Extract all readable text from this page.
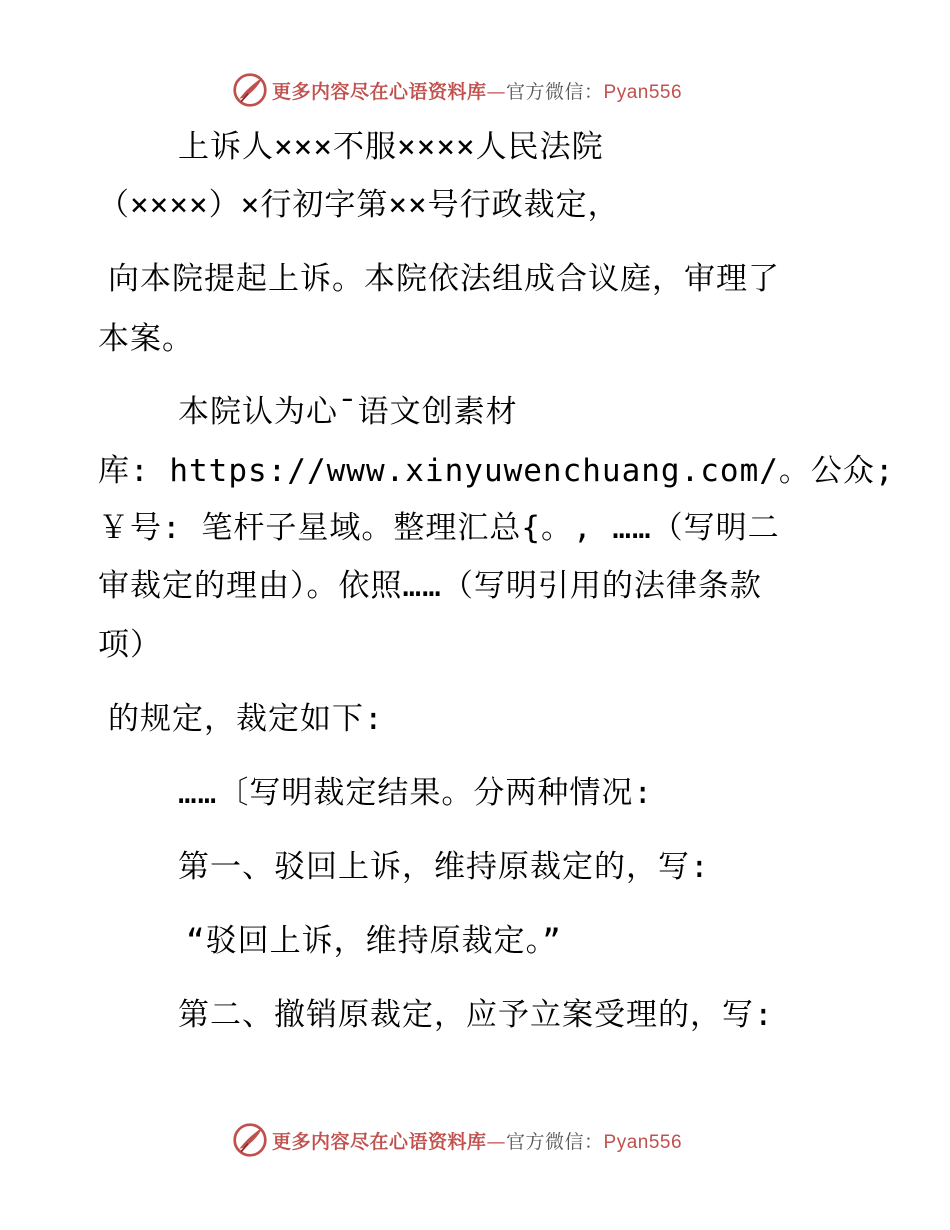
更多内容尽在心语资料库—官方微信：Pyan556
上诉人×××不服××××人民法院
（××××）×行初字第××号行政裁定，
向本院提起上诉。本院依法组成合议庭，审理了
本案。
本院认为心¯语文创素材
库: https://www.xinyuwenchuang.com/。公众;
￥号: 笔杆子星域。整理汇总{。, ……（写明二
审裁定的理由）。依照……（写明引用的法律条款
项）
的规定，裁定如下:
……〔写明裁定结果。分两种情况:
第一、驳回上诉，维持原裁定的，写:
“驳回上诉，维持原裁定。”
第二、撤销原裁定，应予立案受理的，写:
更多内容尽在心语资料库—官方微信：Pyan556
